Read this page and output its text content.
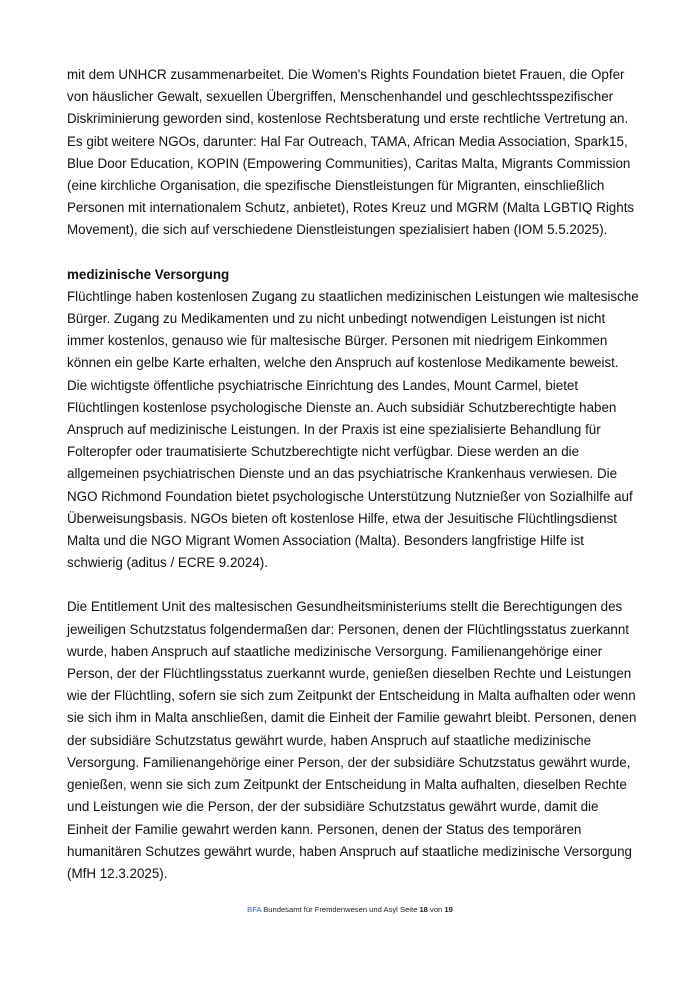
mit dem UNHCR zusammenarbeitet. Die Women's Rights Foundation bietet Frauen, die Opfer von häuslicher Gewalt, sexuellen Übergriffen, Menschenhandel und geschlechtsspezifischer Diskriminierung geworden sind, kostenlose Rechtsberatung und erste rechtliche Vertretung an. Es gibt weitere NGOs, darunter: Hal Far Outreach, TAMA, African Media Association, Spark15, Blue Door Education, KOPIN (Empowering Communities), Caritas Malta, Migrants Commission (eine kirchliche Organisation, die spezifische Dienstleistungen für Migranten, einschließlich Personen mit internationalem Schutz, anbietet), Rotes Kreuz und MGRM (Malta LGBTIQ Rights Movement), die sich auf verschiedene Dienstleistungen spezialisiert haben (IOM 5.5.2025).

medizinische Versorgung

Flüchtlinge haben kostenlosen Zugang zu staatlichen medizinischen Leistungen wie maltesische Bürger. Zugang zu Medikamenten und zu nicht unbedingt notwendigen Leistungen ist nicht immer kostenlos, genauso wie für maltesische Bürger. Personen mit niedrigem Einkommen können ein gelbe Karte erhalten, welche den Anspruch auf kostenlose Medikamente beweist. Die wichtigste öffentliche psychiatrische Einrichtung des Landes, Mount Carmel, bietet Flüchtlingen kostenlose psychologische Dienste an. Auch subsidiär Schutzberechtigte haben Anspruch auf medizinische Leistungen. In der Praxis ist eine spezialisierte Behandlung für Folteropfer oder traumatisierte Schutzberechtigte nicht verfügbar. Diese werden an die allgemeinen psychiatrischen Dienste und an das psychiatrische Krankenhaus verwiesen. Die NGO Richmond Foundation bietet psychologische Unterstützung Nutznießer von Sozialhilfe auf Überweisungsbasis. NGOs bieten oft kostenlose Hilfe, etwa der Jesuitische Flüchtlingsdienst Malta und die NGO Migrant Women Association (Malta). Besonders langfristige Hilfe ist schwierig (aditus / ECRE 9.2024).

Die Entitlement Unit des maltesischen Gesundheitsministeriums stellt die Berechtigungen des jeweiligen Schutzstatus folgendermaßen dar: Personen, denen der Flüchtlingsstatus zuerkannt wurde, haben Anspruch auf staatliche medizinische Versorgung. Familienangehörige einer Person, der der Flüchtlingsstatus zuerkannt wurde, genießen dieselben Rechte und Leistungen wie der Flüchtling, sofern sie sich zum Zeitpunkt der Entscheidung in Malta aufhalten oder wenn sie sich ihm in Malta anschließen, damit die Einheit der Familie gewahrt bleibt. Personen, denen der subsidiäre Schutzstatus gewährt wurde, haben Anspruch auf staatliche medizinische Versorgung. Familienangehörige einer Person, der der subsidiäre Schutzstatus gewährt wurde, genießen, wenn sie sich zum Zeitpunkt der Entscheidung in Malta aufhalten, dieselben Rechte und Leistungen wie die Person, der der subsidiäre Schutzstatus gewährt wurde, damit die Einheit der Familie gewahrt werden kann. Personen, denen der Status des temporären humanitären Schutzes gewährt wurde, haben Anspruch auf staatliche medizinische Versorgung (MfH 12.3.2025).

BFA Bundesamt für Fremdenwesen und Asyl Seite 18 von 19
